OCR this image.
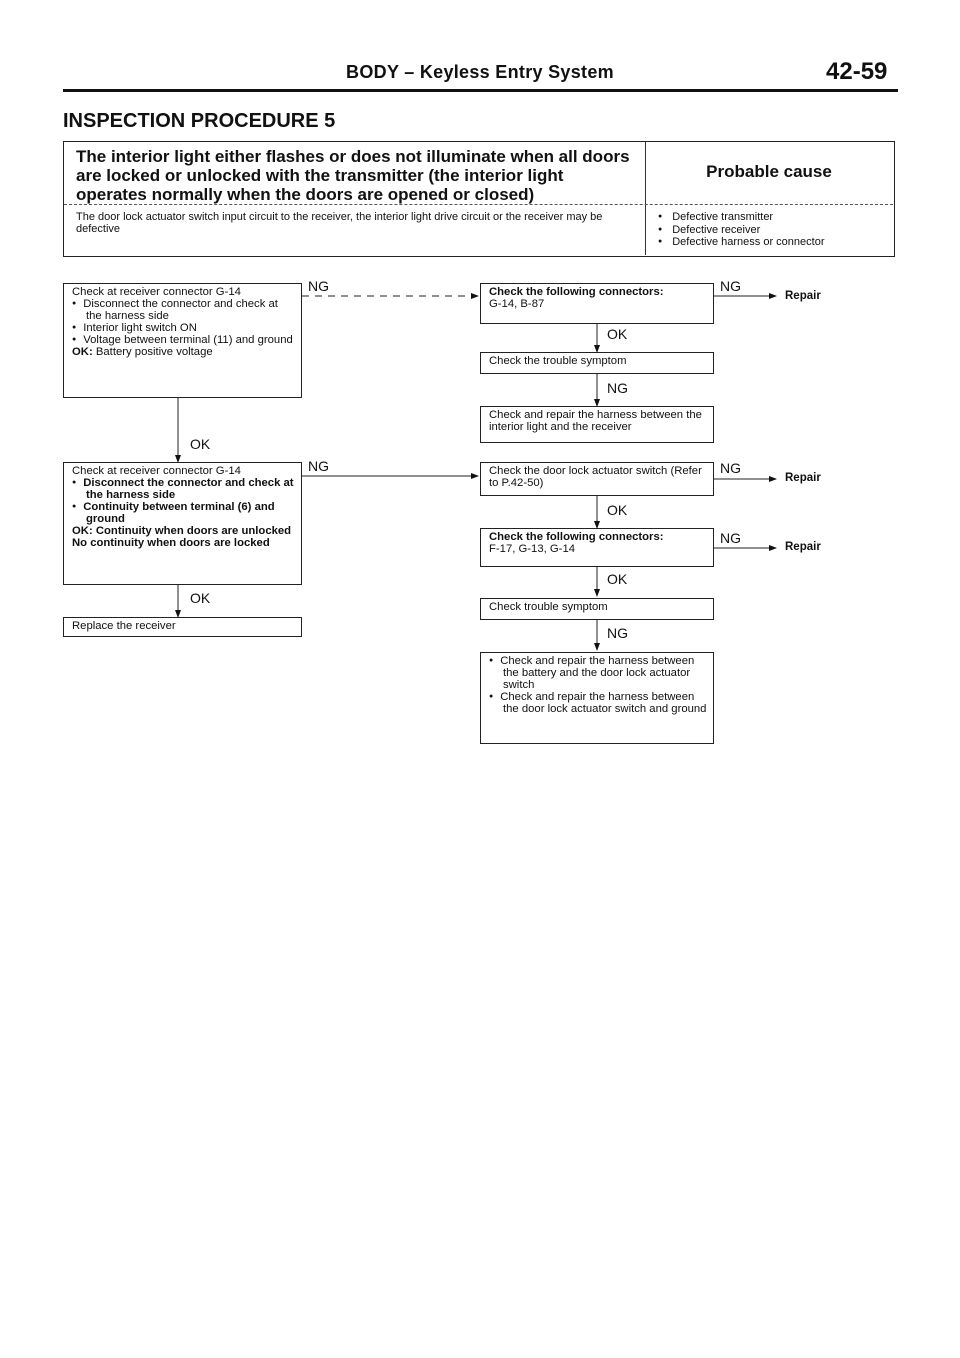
BODY – Keyless Entry System	42-59
INSPECTION PROCEDURE 5
The interior light either flashes or does not illuminate when all doors are locked or unlocked with the transmitter (the interior light operates normally when the doors are opened or closed)
Probable cause
The door lock actuator switch input circuit to the receiver, the interior light drive circuit or the receiver may be defective
● Defective transmitter
● Defective receiver
● Defective harness or connector
NG
OK
NG
OK
OK
NG
OK
OK
NG
NG
NG
NG
Repair
Repair
Repair
Check at receiver connector G-14
● Disconnect the connector and check at the harness side
● Interior light switch ON
● Voltage between terminal (11) and ground
OK: Battery positive voltage
Check at receiver connector G-14
● Disconnect the connector and check at the harness side
● Continuity between terminal (6) and ground
OK: Continuity when doors are unlocked
No continuity when doors are locked
Replace the receiver
Check the following connectors:
G-14, B-87
Check the trouble symptom
Check and repair the harness between the interior light and the receiver
Check the door lock actuator switch (Refer to P.42-50)
Check the following connectors:
F-17, G-13, G-14
Check trouble symptom
● Check and repair the harness between the battery and the door lock actuator switch
● Check and repair the harness between the door lock actuator switch and ground
